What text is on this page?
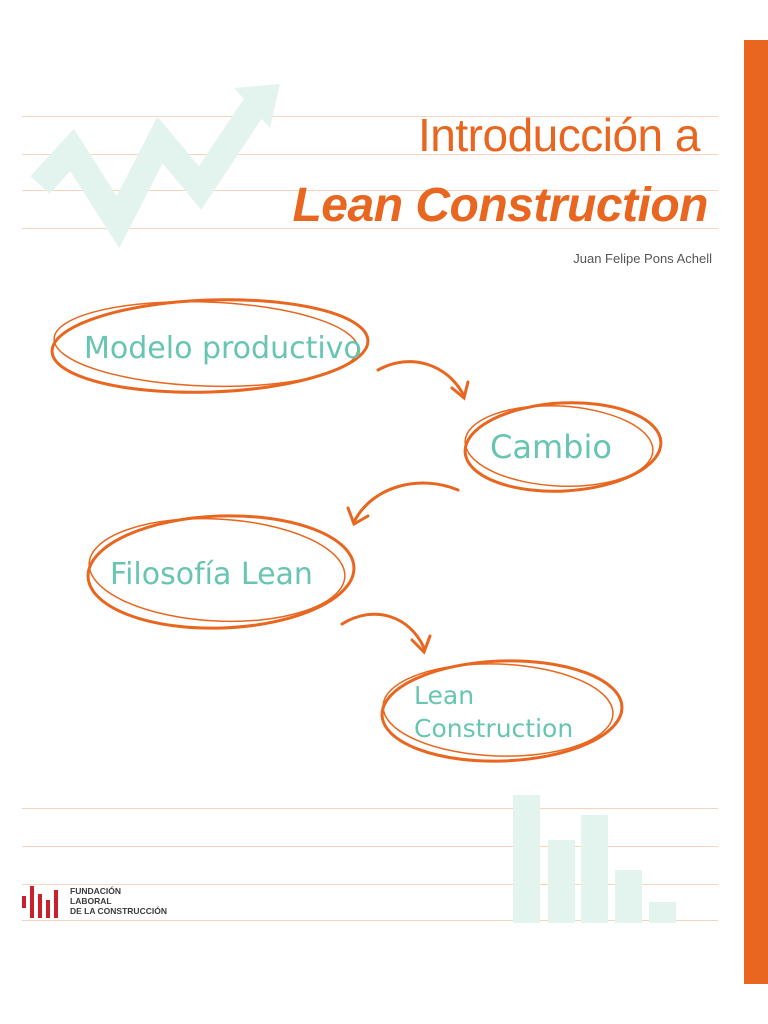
Introducción a
Lean Construction
Juan Felipe Pons Achell
Modelo productivo
Cambio
Filosofía Lean
Lean
Construction
FUNDACIÓN
LABORAL
DE LA CONSTRUCCIÓN
